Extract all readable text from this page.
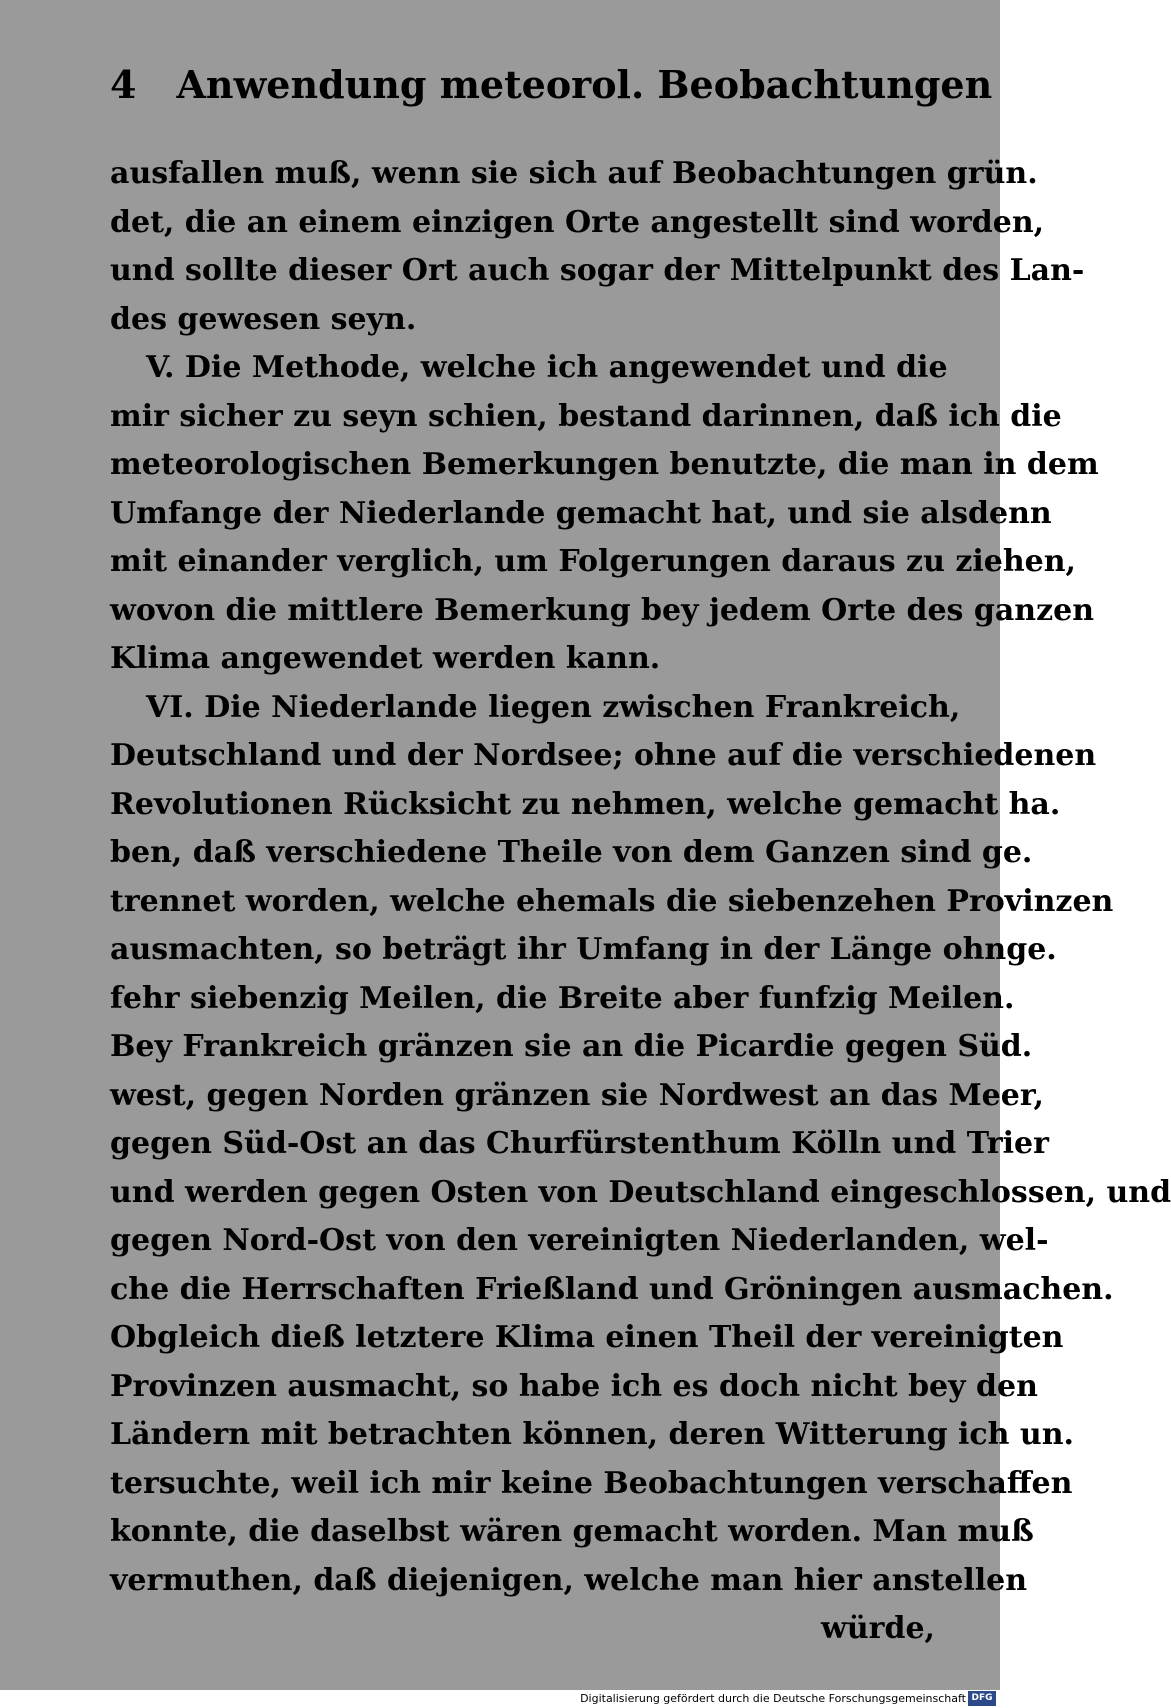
4 Anwendung meteorol. Beobachtungen
ausfallen muß, wenn sie sich auf Beobachtungen grün.
det, die an einem einzigen Orte angestellt sind worden,
und sollte dieser Ort auch sogar der Mittelpunkt des Lan-
des gewesen seyn.
V. Die Methode, welche ich angewendet und die
mir sicher zu seyn schien, bestand darinnen, daß ich die
meteorologischen Bemerkungen benutzte, die man in dem
Umfange der Niederlande gemacht hat, und sie alsdenn
mit einander verglich, um Folgerungen daraus zu ziehen,
wovon die mittlere Bemerkung bey jedem Orte des ganzen
Klima angewendet werden kann.
VI. Die Niederlande liegen zwischen Frankreich,
Deutschland und der Nordsee; ohne auf die verschiedenen
Revolutionen Rücksicht zu nehmen, welche gemacht ha.
ben, daß verschiedene Theile von dem Ganzen sind ge.
trennet worden, welche ehemals die siebenzehen Provinzen
ausmachten, so beträgt ihr Umfang in der Länge ohnge.
fehr siebenzig Meilen, die Breite aber funfzig Meilen.
Bey Frankreich gränzen sie an die Picardie gegen Süd.
west, gegen Norden gränzen sie Nordwest an das Meer,
gegen Süd-Ost an das Churfürstenthum Kölln und Trier
und werden gegen Osten von Deutschland eingeschlossen, und
gegen Nord-Ost von den vereinigten Niederlanden, wel-
che die Herrschaften Frießland und Gröningen ausmachen.
Obgleich dieß letztere Klima einen Theil der vereinigten
Provinzen ausmacht, so habe ich es doch nicht bey den
Ländern mit betrachten können, deren Witterung ich un.
tersuchte, weil ich mir keine Beobachtungen verschaffen
konnte, die daselbst wären gemacht worden. Man muß
vermuthen, daß diejenigen, welche man hier anstellen
würde,
Digitalisierung gefördert durch die Deutsche Forschungsgemeinschaft DFG
